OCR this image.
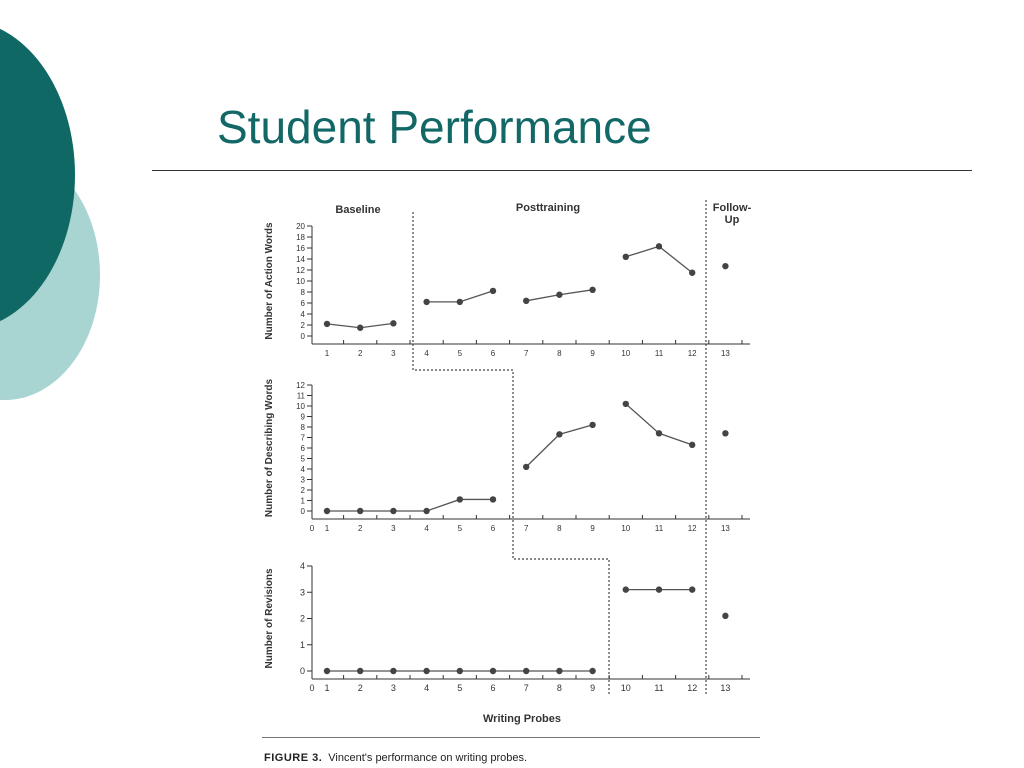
Student Performance
Baseline	Posttraining	Follow-Up
0
2
4
6
8
10
12
14
16
18
20
Number of Action Words
1	2	3	4	5	6	7	8	9	10	11	12	13
0
1
2
3
4
5
6
7
8
9
10
11
12
Number of Describing Words
1	2	3	4	5	6	7	8	9	10	11	12	13
0
0
1
2
3
4
Number of Revisions
1	2	3	4	5	6	7	8	9	10	11	12	13
0
Writing Probes
FIGURE 3. Vincent's performance on writing probes.
